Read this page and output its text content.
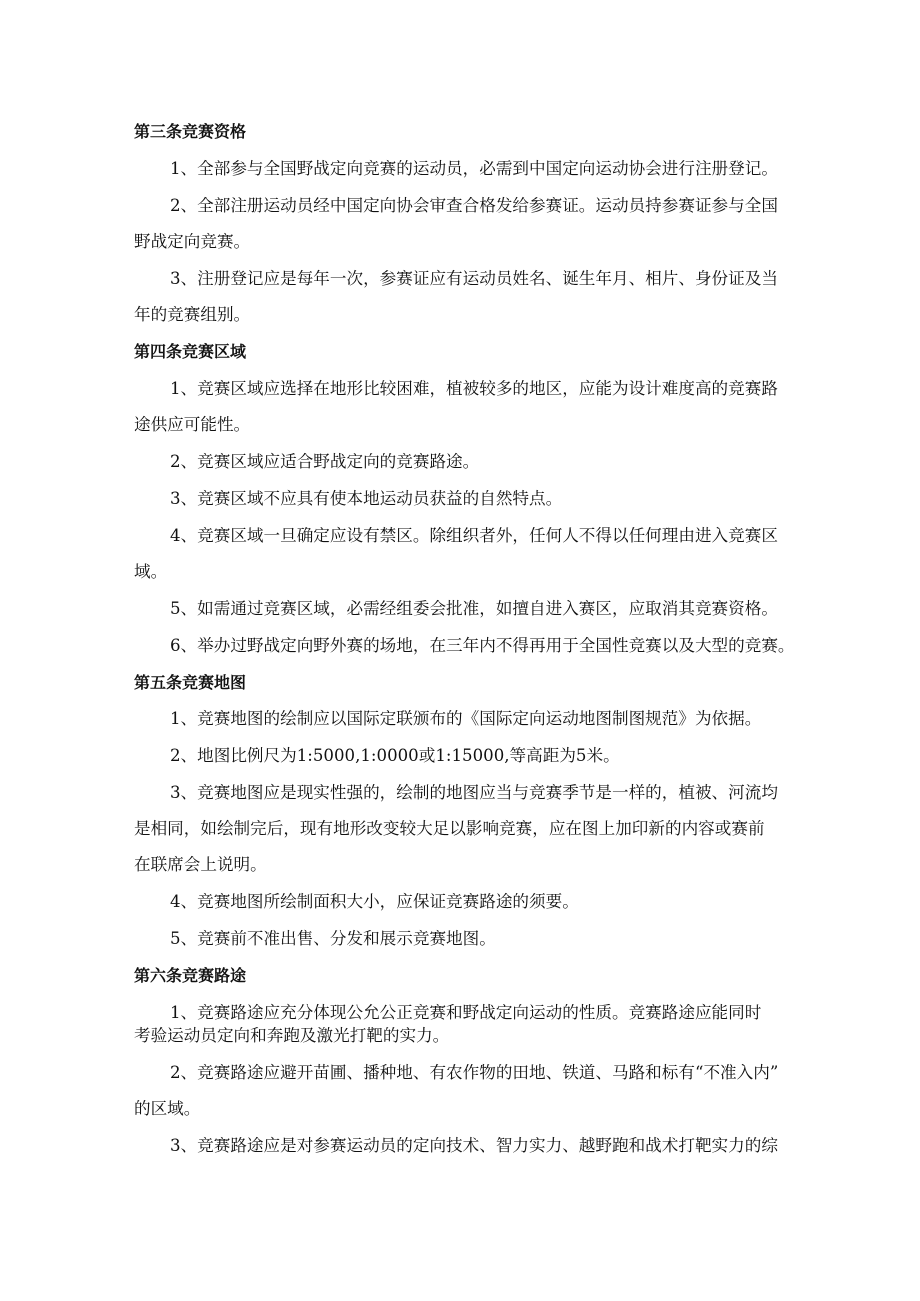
第三条竞赛资格
1、全部参与全国野战定向竞赛的运动员，必需到中国定向运动协会进行注册登记。
2、全部注册运动员经中国定向协会审查合格发给参赛证。运动员持参赛证参与全国
野战定向竞赛。
3、注册登记应是每年一次，参赛证应有运动员姓名、诞生年月、相片、身份证及当
年的竞赛组别。
第四条竞赛区域
1、竞赛区域应选择在地形比较困难，植被较多的地区，应能为设计难度高的竞赛路
途供应可能性。
2、竞赛区域应适合野战定向的竞赛路途。
3、竞赛区域不应具有使本地运动员获益的自然特点。
4、竞赛区域一旦确定应设有禁区。除组织者外，任何人不得以任何理由进入竞赛区
域。
5、如需通过竞赛区域，必需经组委会批准，如擅自进入赛区，应取消其竞赛资格。
6、举办过野战定向野外赛的场地，在三年内不得再用于全国性竞赛以及大型的竞赛。
第五条竞赛地图
1、竞赛地图的绘制应以国际定联颁布的《国际定向运动地图制图规范》为依据。
2、地图比例尺为1:5000,1:0000或1:15000,等高距为5米。
3、竞赛地图应是现实性强的，绘制的地图应当与竞赛季节是一样的，植被、河流均
是相同，如绘制完后，现有地形改变较大足以影响竞赛，应在图上加印新的内容或赛前
在联席会上说明。
4、竞赛地图所绘制面积大小，应保证竞赛路途的须要。
5、竞赛前不准出售、分发和展示竞赛地图。
第六条竞赛路途
1、竞赛路途应充分体现公允公正竞赛和野战定向运动的性质。竞赛路途应能同时
考验运动员定向和奔跑及激光打靶的实力。
2、竞赛路途应避开苗圃、播种地、有农作物的田地、铁道、马路和标有“不准入内”
的区域。
3、竞赛路途应是对参赛运动员的定向技术、智力实力、越野跑和战术打靶实力的综
